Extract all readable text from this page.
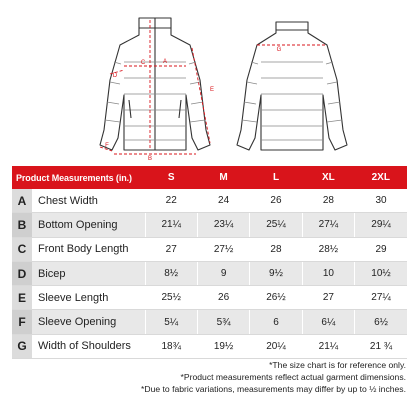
A
B
C
D
E
F
G
Product Measurements (in.)		S	M	L	XL	2XL
A	Chest Width	22	24	26	28	30
B	Bottom Opening	21¼	23¼	25¼	27¼	29¼
C	Front Body Length	27	27½	28	28½	29
D	Bicep	8½	9	9½	10	10½
E	Sleeve Length	25½	26	26½	27	27¼
F	Sleeve Opening	5¼	5¾	6	6¼	6½
G	Width of Shoulders	18¾	19½	20¼	21¼	21 ¾
*The size chart is for reference only.
*Product measurements reflect actual garment dimensions.
*Due to fabric variations, measurements may differ by up to ½ inches.
